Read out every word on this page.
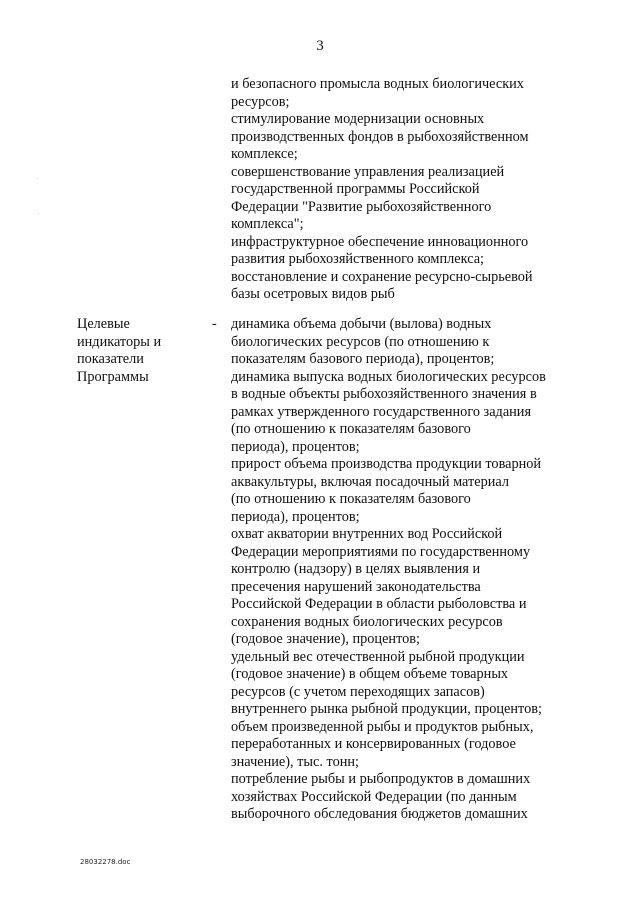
3
и безопасного промысла водных биологических
ресурсов;
стимулирование модернизации основных
производственных фондов в рыбохозяйственном
комплексе;
совершенствование управления реализацией
государственной программы Российской
Федерации "Развитие рыбохозяйственного
комплекса";
инфраструктурное обеспечение инновационного
развития рыбохозяйственного комплекса;
восстановление и сохранение ресурсно-сырьевой
базы осетровых видов рыб
Целевые
индикаторы и
показатели
Программы
- динамика объема добычи (вылова) водных
биологических ресурсов (по отношению к
показателям базового периода), процентов;
динамика выпуска водных биологических ресурсов
в водные объекты рыбохозяйственного значения в
рамках утвержденного государственного задания
(по отношению к показателям базового
периода), процентов;
прирост объема производства продукции товарной
аквакультуры, включая посадочный материал
(по отношению к показателям базового
периода), процентов;
охват акватории внутренних вод Российской
Федерации мероприятиями по государственному
контролю (надзору) в целях выявления и
пресечения нарушений законодательства
Российской Федерации в области рыболовства и
сохранения водных биологических ресурсов
(годовое значение), процентов;
удельный вес отечественной рыбной продукции
(годовое значение) в общем объеме товарных
ресурсов (с учетом переходящих запасов)
внутреннего рынка рыбной продукции, процентов;
объем произведенной рыбы и продуктов рыбных,
переработанных и консервированных (годовое
значение), тыс. тонн;
потребление рыбы и рыбопродуктов в домашних
хозяйствах Российской Федерации (по данным
выборочного обследования бюджетов домашних
28032278.doc
